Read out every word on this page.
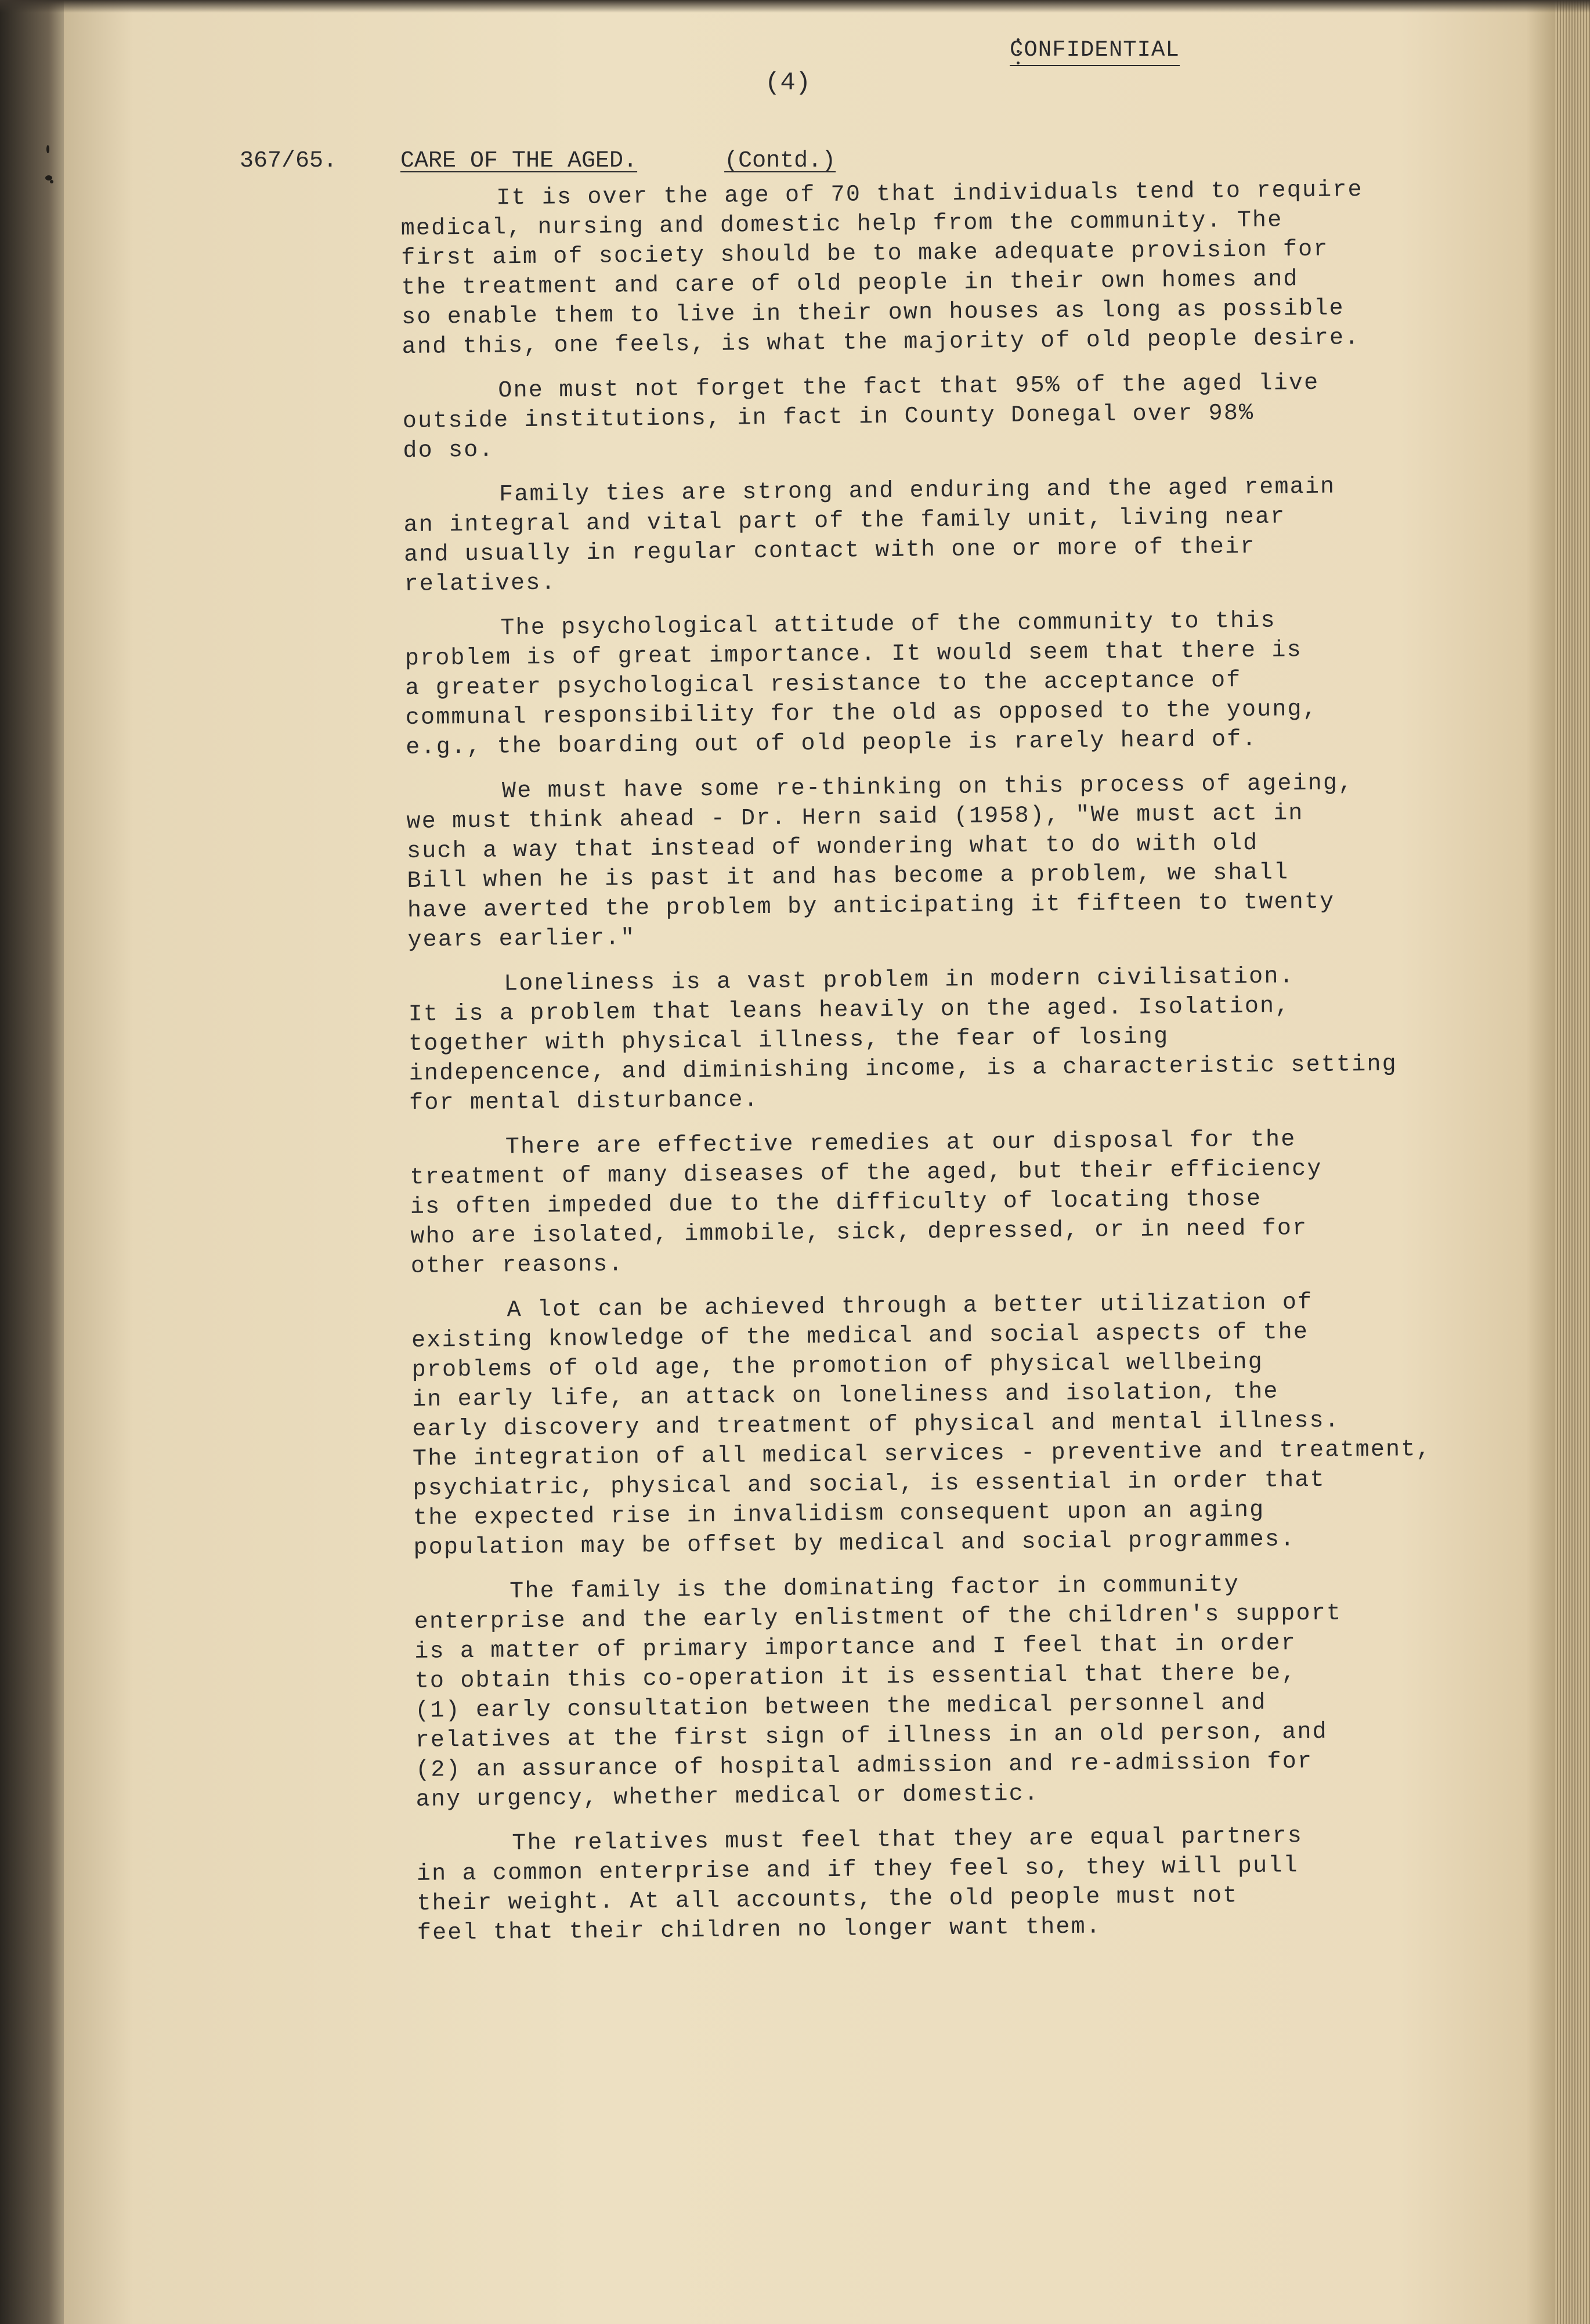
CONFIDENTIAL
(4)
367/65.	CARE OF THE AGED.	(Contd.)
It is over the age of 70 that individuals tend to require
medical, nursing and domestic help from the community. The
first aim of society should be to make adequate provision for
the treatment and care of old people in their own homes and
so enable them to live in their own houses as long as possible
and this, one feels, is what the majority of old people desire.
One must not forget the fact that 95% of the aged live
outside institutions, in fact in County Donegal over 98%
do so.
Family ties are strong and enduring and the aged remain
an integral and vital part of the family unit, living near
and usually in regular contact with one or more of their
relatives.
The psychological attitude of the community to this
problem is of great importance. It would seem that there is
a greater psychological resistance to the acceptance of
communal responsibility for the old as opposed to the young,
e.g., the boarding out of old people is rarely heard of.
We must have some re-thinking on this process of ageing,
we must think ahead - Dr. Hern said (1958), "We must act in
such a way that instead of wondering what to do with old
Bill when he is past it and has become a problem, we shall
have averted the problem by anticipating it fifteen to twenty
years earlier."
Loneliness is a vast problem in modern civilisation.
It is a problem that leans heavily on the aged. Isolation,
together with physical illness, the fear of losing
indepencence, and diminishing income, is a characteristic setting
for mental disturbance.
There are effective remedies at our disposal for the
treatment of many diseases of the aged, but their efficiency
is often impeded due to the difficulty of locating those
who are isolated, immobile, sick, depressed, or in need for
other reasons.
A lot can be achieved through a better utilization of
existing knowledge of the medical and social aspects of the
problems of old age, the promotion of physical wellbeing
in early life, an attack on loneliness and isolation, the
early discovery and treatment of physical and mental illness.
The integration of all medical services - preventive and treatment,
psychiatric, physical and social, is essential in order that
the expected rise in invalidism consequent upon an aging
population may be offset by medical and social programmes.
The family is the dominating factor in community
enterprise and the early enlistment of the children's support
is a matter of primary importance and I feel that in order
to obtain this co-operation it is essential that there be,
(1) early consultation between the medical personnel and
relatives at the first sign of illness in an old person, and
(2) an assurance of hospital admission and re-admission for
any urgency, whether medical or domestic.
The relatives must feel that they are equal partners
in a common enterprise and if they feel so, they will pull
their weight. At all accounts, the old people must not
feel that their children no longer want them.
